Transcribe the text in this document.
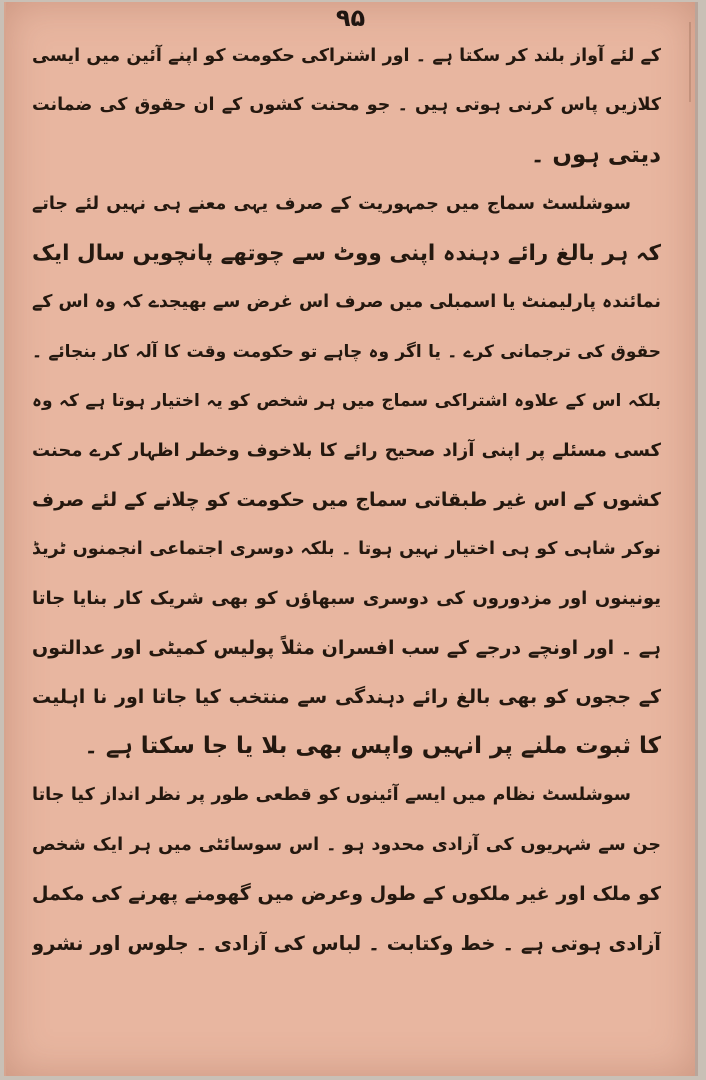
۹۵
کے لئے آواز بلند کر سکتا ہے ۔ اور اشتراکی حکومت کو اپنے آئین میں ایسی
کلازیں پاس کرنی ہوتی ہیں ۔ جو محنت کشوں کے ان حقوق کی ضمانت
دیتی ہوں ۔
سوشلسٹ سماج میں جمہوریت کے صرف یہی معنے ہی نہیں لئے جاتے
کہ ہر بالغ رائے دہندہ اپنی ووٹ سے چوتھے پانچویں سال ایک
نمائندہ پارلیمنٹ یا اسمبلی میں صرف اس غرض سے بھیجدے کہ وہ اس کے
حقوق کی ترجمانی کرے ۔ یا اگر وہ چاہے تو حکومت وقت کا آلہ کار بنجائے ۔
بلکہ اس کے علاوہ اشتراکی سماج میں ہر شخص کو یہ اختیار ہوتا ہے کہ وہ
کسی مسئلے پر اپنی آزاد صحیح رائے کا بلاخوف وخطر اظہار کرے محنت
کشوں کے اس غیر طبقاتی سماج میں حکومت کو چلانے کے لئے صرف
نوکر شاہی کو ہی اختیار نہیں ہوتا ۔ بلکہ دوسری اجتماعی انجمنوں ٹریڈ
یونینوں اور مزدوروں کی دوسری سبھاؤں کو بھی شریک کار بنایا جاتا
ہے ۔ اور اونچے درجے کے سب افسران مثلاً پولیس کمیٹی اور عدالتوں
کے ججوں کو بھی بالغ رائے دہندگی سے منتخب کیا جاتا اور نا اہلیت
کا ثبوت ملنے پر انہیں واپس بھی بلا یا جا سکتا ہے ۔
سوشلسٹ نظام میں ایسے آئینوں کو قطعی طور پر نظر انداز کیا جاتا
جن سے شہریوں کی آزادی محدود ہو ۔ اس سوسائٹی میں ہر ایک شخص
کو ملک اور غیر ملکوں کے طول وعرض میں گھومنے پھرنے کی مکمل
آزادی ہوتی ہے ۔ خط وکتابت ۔ لباس کی آزادی ۔ جلوس اور نشرو
